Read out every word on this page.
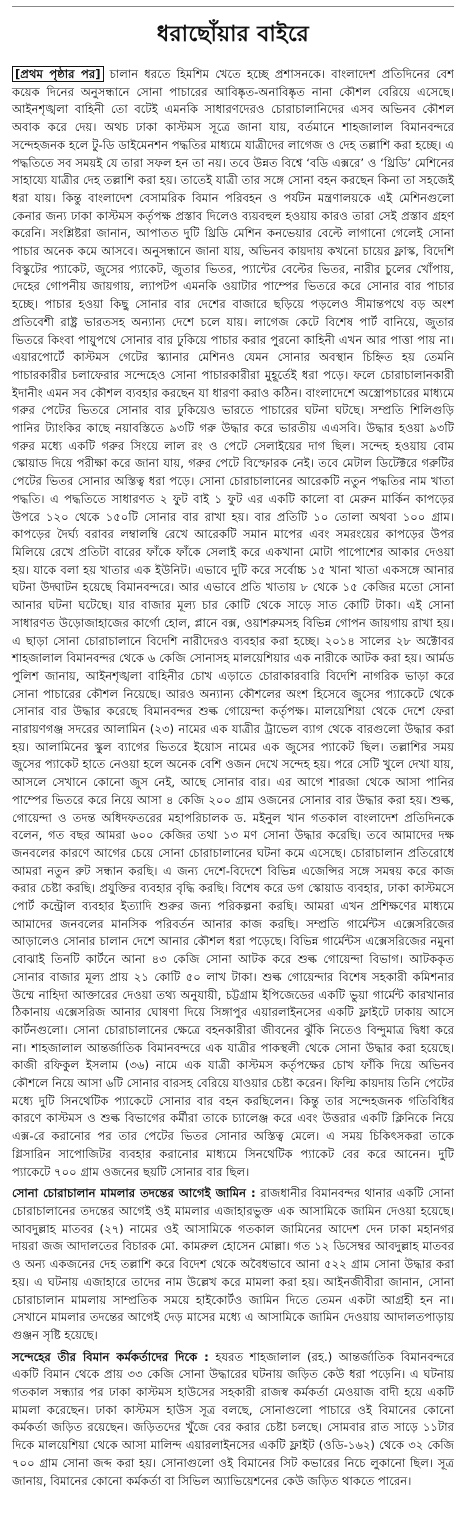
ধরাছোঁয়ার বাইরে

[প্রথম পৃষ্ঠার পর] চালান ধরতে হিমশিম খেতে হচ্ছে প্রশাসনকে। বাংলাদেশ প্রতিদিনের বেশ কয়েক দিনের অনুসন্ধানে সোনা পাচারের আবিষ্কৃত-অনাবিষ্কৃত নানা কৌশল বেরিয়ে এসেছে। আইনশৃঙ্খলা বাহিনী তো বটেই এমনকি সাধারণদেরও চোরাচালানিদের এসব অভিনব কৌশল অবাক করে দেয়। অথচ ঢাকা কাস্টমস সূত্রে জানা যায়, বর্তমানে শাহজালাল বিমানবন্দরে সন্দেহজনক হলে টু-ডি ডাইমেনশন পদ্ধতির মাধ্যমে যাত্রীদের লাগেজ ও দেহ তল্লাশি করা হচ্ছে। এ পদ্ধতিতে সব সময়ই যে তারা সফল হন তা নয়। তবে উন্নত বিশ্বে ‘বডি এক্সরে’ ও ‘থ্রিডি’ মেশিনের সাহায্যে যাত্রীর দেহ তল্লাশি করা হয়। তাতেই যাত্রী তার সঙ্গে সোনা বহন করছেন কিনা তা সহজেই ধরা যায়। কিন্তু বাংলাদেশ বেসামরিক বিমান পরিবহন ও পর্যটন মন্ত্রণালয়কে এই মেশিনগুলো কেনার জন্য ঢাকা কাস্টমস কর্তৃপক্ষ প্রস্তাব দিলেও ব্যয়বহুল হওয়ায় কারও তারা সেই প্রস্তাব গ্রহণ করেনি। সংশ্লিষ্টরা জানান, আপাতত দুটি থ্রিডি মেশিন কনভেয়ার বেল্টে লাগানো গেলেই সোনা পাচার অনেক কমে আসবে। অনুসন্ধানে জানা যায়, অভিনব কায়দায় কখনো চায়ের ফ্লাস্ক, বিদেশি বিস্কুটের প্যাকেট, জুসের প্যাকেট, জুতার ভিতর, প্যান্টের বেল্টের ভিতর, নারীর চুলের খোঁপায়, দেহের গোপনীয় জায়গায়, ল্যাপটপ এমনকি ওয়াটার পাম্পের ভিতরে করে সোনার বার পাচার হচ্ছে। পাচার হওয়া কিছু সোনার বার দেশের বাজারে ছড়িয়ে পড়লেও সীমান্তপথে বড় অংশ প্রতিবেশী রাষ্ট্র ভারতসহ অন্যান্য দেশে চলে যায়। লাগেজ কেটে বিশেষ পার্ট বানিয়ে, জুতার ভিতরে কিংবা পায়ুপথে সোনার বার ঢুকিয়ে পাচার করার পুরনো কাহিনী এখন আর পাত্তা পায় না। এয়ারপোর্টে কাস্টমস গেটের স্ক্যানার মেশিনও যেমন সোনার অবস্থান চিহ্নিত হয় তেমনি পাচারকারীর চলাফেরার সন্দেহেও সোনা পাচারকারীরা মুহূর্তেই ধরা পড়ে। ফলে চোরাচালানকারী ইদানীং এমন সব কৌশল ব্যবহার করছেন যা ধারণা করাও কঠিন। বাংলাদেশে অস্ত্রোপচারের মাধ্যমে গরুর পেটের ভিতরে সোনার বার ঢুকিয়েও ভারতে পাচারের ঘটনা ঘটছে। সম্প্রতি শিলিগুড়ি পানির ট্যাংকির কাছে নয়াবস্তিতে ৯৩টি গরু উদ্ধার করে ভারতীয় এএসবি। উদ্ধার হওয়া ৯৩টি গরুর মধ্যে একটি গরুর সিংয়ে লাল রং ও পেটে সেলাইয়ের দাগ ছিল। সন্দেহ হওয়ায় বোম স্কোয়াড দিয়ে পরীক্ষা করে জানা যায়, গরুর পেটে বিস্ফোরক নেই। তবে মেটাল ডিটেক্টরে গরুটির পেটের ভিতর সোনার অস্তিত্ব ধরা পড়ে। সোনা চোরাচালানের আরেকটি নতুন পদ্ধতির নাম খাতা পদ্ধতি। এ পদ্ধতিতে সাধারণত ২ ফুট বাই ১ ফুট এর একটি কালো বা মেরুন মার্কিন কাপড়ের উপরে ১২০ থেকে ১৫০টি সোনার বার রাখা হয়। বার প্রতিটি ১০ তোলা অথবা ১০০ গ্রাম। কাপড়ের দৈর্ঘ্য বরাবর লম্বালম্বি রেখে আরেকটি সমান মাপের এবং সমরংয়ের কাপড়ের উপর মিলিয়ে রেখে প্রতিটা বারের ফাঁকে ফাঁকে সেলাই করে একখানা মোটা পাপোশের আকার দেওয়া হয়। যাকে বলা হয় খাতার এক ইউনিট। এভাবে দুটি করে সর্বোচ্চ ১৫ খানা খাতা একসঙ্গে আনার ঘটনা উদ্ঘাটন হয়েছে বিমানবন্দরে। আর এভাবে প্রতি খাতায় ৮ থেকে ১৫ কেজির মতো সোনা আনার ঘটনা ঘটেছে। যার বাজার মূল্য চার কোটি থেকে সাড়ে সাত কোটি টাকা। এই সোনা সাধারণত উড়োজাহাজের কার্গো হোল, প্লানে বক্স, ওয়াশরুমসহ বিভিন্ন গোপন জায়গায় রাখা হয়। এ ছাড়া সোনা চোরাচালানে বিদেশি নারীদেরও ব্যবহার করা হচ্ছে। ২০১৪ সালের ২৮ অক্টোবর শাহজালাল বিমানবন্দর থেকে ৬ কেজি সোনাসহ মালয়েশিয়ার এক নারীকে আটক করা হয়। আর্মড পুলিশ জানায়, আইনশৃঙ্খলা বাহিনীর চোখ এড়াতে চোরাকারবারি বিদেশি নাগরিক ভাড়া করে সোনা পাচারের কৌশল নিয়েছে। আরও অন্যান্য কৌশলের অংশ হিসেবে জুসের প্যাকেটে থেকে সোনার বার উদ্ধার করেছে বিমানবন্দর শুল্ক গোয়েন্দা কর্তৃপক্ষ। মালয়েশিয়া থেকে দেশে ফেরা নারায়ণগঞ্জ সদরের আলামিন (২৩) নামের এক যাত্রীর ট্রাভেল ব্যাগ থেকে বারগুলো উদ্ধার করা হয়। আলামিনের স্কুল ব্যাগের ভিতরে ইয়োস নামের এক জুসের প্যাকেট ছিল। তল্লাশির সময় জুসের প্যাকেট হাতে নেওয়া হলে অনেক বেশি ওজন দেখে সন্দেহ হয়। পরে সেটি খুলে দেখা যায়, আসলে সেখানে কোনো জুস নেই, আছে সোনার বার। এর আগে শারজা থেকে আসা পানির পাম্পের ভিতরে করে নিয়ে আসা ৪ কেজি ২০০ গ্রাম ওজনের সোনার বার উদ্ধার করা হয়। শুল্ক, গোয়েন্দা ও তদন্ত অধিদফতরের মহাপরিচালক ড. মইনুল খান গতকাল বাংলাদেশ প্রতিদিনকে বলেন, গত বছর আমরা ৬০০ কেজির তথা ১৩ মণ সোনা উদ্ধার করেছি। তবে আমাদের দক্ষ জনবলের কারণে আগের চেয়ে সোনা চোরাচালানের ঘটনা কমে এসেছে। চোরাচালান প্রতিরোধে আমরা নতুন রুট সন্ধান করছি। এ জন্য দেশে-বিদেশে বিভিন্ন এজেন্সির সঙ্গে সমন্বয় করে কাজ করার চেষ্টা করছি। প্রযুক্তির ব্যবহার বৃদ্ধি করছি। বিশেষ করে ডগ স্কোয়াড ব্যবহার, ঢাকা কাস্টমসে পোর্ট কন্ট্রোল ব্যবহার ইত্যাদি শুরুর জন্য পরিকল্পনা করছি। আমরা এখন প্রশিক্ষণের মাধ্যমে আমাদের জনবলের মানসিক পরিবর্তন আনার কাজ করছি। সম্প্রতি গার্মেন্টস এক্সেসরিজের আড়ালেও সোনার চালান দেশে আনার কৌশল ধরা পড়েছে। বিভিন্ন গার্মেন্টস এক্সেসরিজের নমুনা বোঝাই তিনটি কার্টনে আনা ৪৩ কেজি সোনা আটক করে শুল্ক গোয়েন্দা বিভাগ। আটককৃত সোনার বাজার মূল্য প্রায় ২১ কোটি ৫০ লাখ টাকা। শুল্ক গোয়েন্দার বিশেষ সহকারী কমিশনার উম্মে নাহিদা আক্তারের দেওয়া তথ্য অনুযায়ী, চট্টগ্রাম ইপিজেডের একটি ভুয়া গার্মেন্ট কারখানার ঠিকানায় এক্সেসরিজ আনার ঘোষণা দিয়ে সিঙ্গাপুর এয়ারলাইনসের একটি ফ্লাইটে ঢাকায় আসে কার্টনগুলো। সোনা চোরাচালানের ক্ষেত্রে বহনকারীরা জীবনের ঝুঁকি নিতেও বিন্দুমাত্র দ্বিধা করে না। শাহজালাল আন্তর্জাতিক বিমানবন্দরে এক যাত্রীর পাকস্থলী থেকে সোনা উদ্ধার করা হয়েছে। কাজী রফিকুল ইসলাম (৩৬) নামে এক যাত্রী কাস্টমস কর্তৃপক্ষের চোখ ফাঁকি দিয়ে অভিনব কৌশলে নিয়ে আসা ৬টি সোনার বারসহ বেরিয়ে যাওয়ার চেষ্টা করেন। ফিল্মি কায়দায় তিনি পেটের মধ্যে দুটি সিনথেটিক প্যাকেটে সোনার বার বহন করছিলেন। কিন্তু তার সন্দেহজনক গতিবিধির কারণে কাস্টমস ও শুল্ক বিভাগের কর্মীরা তাকে চ্যালেঞ্জ করে এবং উত্তরার একটি ক্লিনিকে নিয়ে এক্স-রে করানোর পর তার পেটের ভিতর সোনার অস্তিত্ব মেলে। এ সময় চিকিৎসকরা তাকে গ্লিসারিন সাপোজিটর ব্যবহার করানোর মাধ্যমে সিনথেটিক প্যাকেট বের করে আনেন। দুটি প্যাকেটে ৭০০ গ্রাম ওজনের ছয়টি সোনার বার ছিল।

সোনা চোরাচালান মামলার তদন্তের আগেই জামিন : রাজধানীর বিমানবন্দর থানার একটি সোনা চোরাচালানের তদন্তের আগেই ওই মামলার এজাহারভুক্ত এক আসামিকে জামিন দেওয়া হয়েছে। আবদুল্লাহ মাতবর (২৭) নামের ওই আসামিকে গতকাল জামিনের আদেশ দেন ঢাকা মহানগর দায়রা জজ আদালতের বিচারক মো. কামরুল হোসেন মোল্লা। গত ১২ ডিসেম্বর আবদুল্লাহ মাতবর ও অন্য একজনের দেহ তল্লাশি করে বিদেশ থেকে অবৈধভাবে আনা ৫২২ গ্রাম সোনা উদ্ধার করা হয়। এ ঘটনায় এজাহারে তাদের নাম উল্লেখ করে মামলা করা হয়। আইনজীবীরা জানান, সোনা চোরাচালান মামলায় সাম্প্রতিক সময়ে হাইকোর্টও জামিন দিতে তেমন একটা আগ্রহী হন না। সেখানে মামলার তদন্তের আগেই দেড় মাসের মধ্যে এ আসামিকে জামিন দেওয়ায় আদালতপাড়ায় গুঞ্জন সৃষ্টি হয়েছে।

সন্দেহের তীর বিমান কর্মকর্তাদের দিকে : হযরত শাহজালাল (রহ.) আন্তর্জাতিক বিমানবন্দরে একটি বিমান থেকে প্রায় ৩৩ কেজি সোনা উদ্ধারের ঘটনায় জড়িত কেউ ধরা পড়েনি। এ ঘটনায় গতকাল সন্ধ্যার পর ঢাকা কাস্টমস হাউসের সহকারী রাজস্ব কর্মকর্তা মেওয়াজ বাদী হয়ে একটি মামলা করেছেন। ঢাকা কাস্টমস হাউস সূত্র বলছে, সোনাগুলো পাচারে ওই বিমানের কোনো কর্মকর্তা জড়িত রয়েছেন। জড়িতদের খুঁজে বের করার চেষ্টা চলছে। সোমবার রাত সাড়ে ১১টার দিকে মালয়েশিয়া থেকে আসা মালিন্দ এয়ারলাইনসের একটি ফ্লাইট (ওডি-১৬২) থেকে ৩২ কেজি ৭০০ গ্রাম সোনা জব্দ করা হয়। সোনাগুলো ওই বিমানের সিট কভারের নিচে লুকানো ছিল। সূত্র জানায়, বিমানের কোনো কর্মকর্তা বা সিভিল অ্যাভিয়েশনের কেউ জড়িত থাকতে পারেন।
